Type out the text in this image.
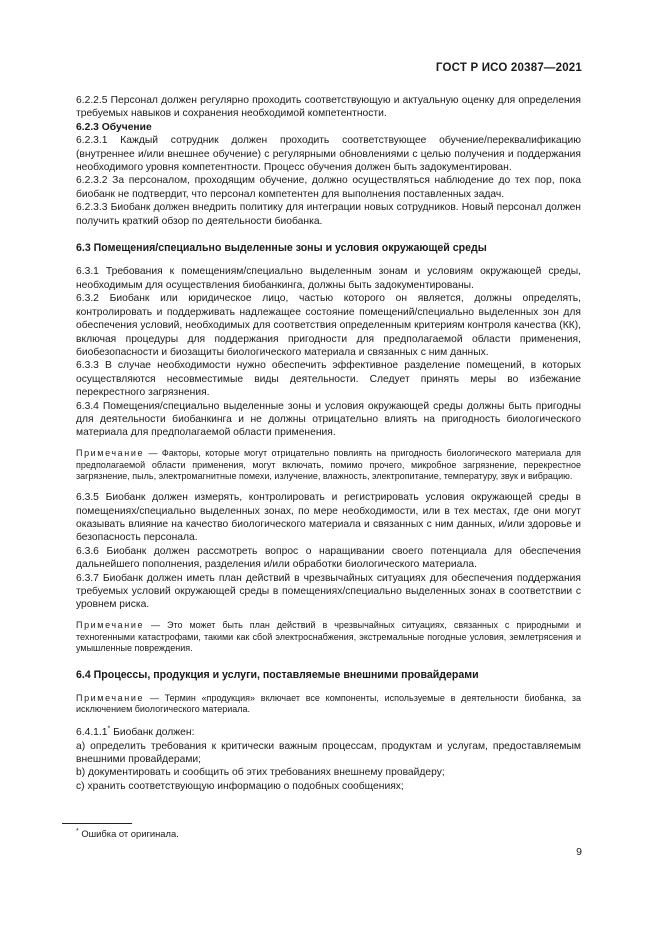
ГОСТ Р ИСО 20387—2021

6.2.2.5 Персонал должен регулярно проходить соответствующую и актуальную оценку для определения требуемых навыков и сохранения необходимой компетентности.

6.2.3 Обучение

6.2.3.1 Каждый сотрудник должен проходить соответствующее обучение/переквалификацию (внутреннее и/или внешнее обучение) с регулярными обновлениями с целью получения и поддержания необходимого уровня компетентности. Процесс обучения должен быть задокументирован.

6.2.3.2 За персоналом, проходящим обучение, должно осуществляться наблюдение до тех пор, пока биобанк не подтвердит, что персонал компетентен для выполнения поставленных задач.

6.2.3.3 Биобанк должен внедрить политику для интеграции новых сотрудников. Новый персонал должен получить краткий обзор по деятельности биобанка.

6.3 Помещения/специально выделенные зоны и условия окружающей среды

6.3.1 Требования к помещениям/специально выделенным зонам и условиям окружающей среды, необходимым для осуществления биобанкинга, должны быть задокументированы.

6.3.2 Биобанк или юридическое лицо, частью которого он является, должны определять, контролировать и поддерживать надлежащее состояние помещений/специально выделенных зон для обеспечения условий, необходимых для соответствия определенным критериям контроля качества (КК), включая процедуры для поддержания пригодности для предполагаемой области применения, биобезопасности и биозащиты биологического материала и связанных с ним данных.

6.3.3 В случае необходимости нужно обеспечить эффективное разделение помещений, в которых осуществляются несовместимые виды деятельности. Следует принять меры во избежание перекрестного загрязнения.

6.3.4 Помещения/специально выделенные зоны и условия окружающей среды должны быть пригодны для деятельности биобанкинга и не должны отрицательно влиять на пригодность биологического материала для предполагаемой области применения.

Примечание — Факторы, которые могут отрицательно повлиять на пригодность биологического материала для предполагаемой области применения, могут включать, помимо прочего, микробное загрязнение, перекрестное загрязнение, пыль, электромагнитные помехи, излучение, влажность, электропитание, температуру, звук и вибрацию.

6.3.5 Биобанк должен измерять, контролировать и регистрировать условия окружающей среды в помещениях/специально выделенных зонах, по мере необходимости, или в тех местах, где они могут оказывать влияние на качество биологического материала и связанных с ним данных, и/или здоровье и безопасность персонала.

6.3.6 Биобанк должен рассмотреть вопрос о наращивании своего потенциала для обеспечения дальнейшего пополнения, разделения и/или обработки биологического материала.

6.3.7 Биобанк должен иметь план действий в чрезвычайных ситуациях для обеспечения поддержания требуемых условий окружающей среды в помещениях/специально выделенных зонах в соответствии с уровнем риска.

Примечание — Это может быть план действий в чрезвычайных ситуациях, связанных с природными и техногенными катастрофами, такими как сбой электроснабжения, экстремальные погодные условия, землетрясения и умышленные повреждения.

6.4 Процессы, продукция и услуги, поставляемые внешними провайдерами

Примечание — Термин «продукция» включает все компоненты, используемые в деятельности биобанка, за исключением биологического материала.

6.4.1.1* Биобанк должен:

a) определить требования к критически важным процессам, продуктам и услугам, предоставляемым внешними провайдерами;

b) документировать и сообщить об этих требованиях внешнему провайдеру;

c) хранить соответствующую информацию о подобных сообщениях;

* Ошибка от оригинала.
9
